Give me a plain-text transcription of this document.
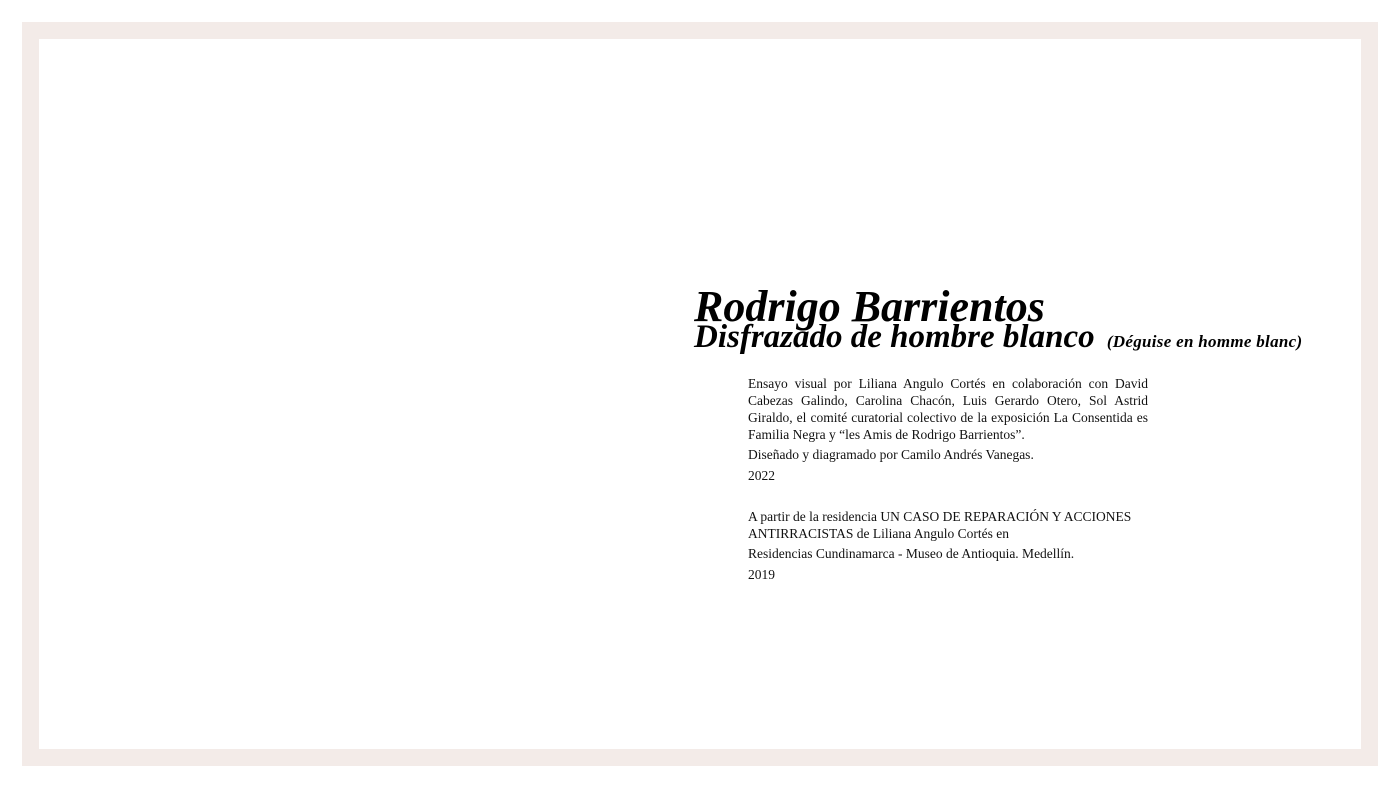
Rodrigo Barrientos
Disfrazado de hombre blanco (Déguise en homme blanc)

Ensayo visual por Liliana Angulo Cortés en colaboración con David Cabezas Galindo, Carolina Chacón, Luis Gerardo Otero, Sol Astrid Giraldo, el comité curatorial colectivo de la exposición La Consentida es Familia Negra y “les Amis de Rodrigo Barrientos”.

Diseñado y diagramado por Camilo Andrés Vanegas.

2022

A partir de la residencia UN CASO DE REPARACIÓN Y ACCIONES ANTIRRACISTAS de Liliana Angulo Cortés en

Residencias Cundinamarca - Museo de Antioquia. Medellín.

2019
